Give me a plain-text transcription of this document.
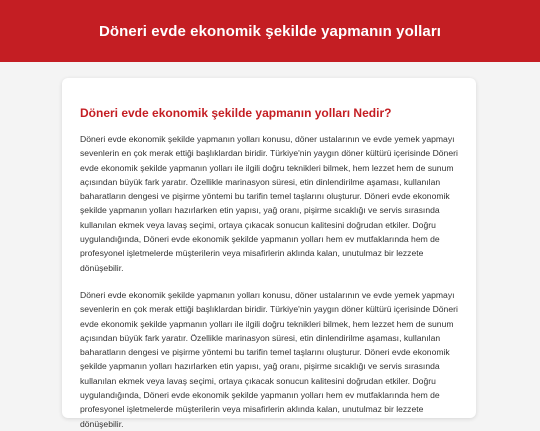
Döneri evde ekonomik şekilde yapmanın yolları
Döneri evde ekonomik şekilde yapmanın yolları Nedir?

Döneri evde ekonomik şekilde yapmanın yolları konusu, döner ustalarının ve evde yemek yapmayı sevenlerin en çok merak ettiği başlıklardan biridir. Türkiye'nin yaygın döner kültürü içerisinde Döneri evde ekonomik şekilde yapmanın yolları ile ilgili doğru teknikleri bilmek, hem lezzet hem de sunum açısından büyük fark yaratır. Özellikle marinasyon süresi, etin dinlendirilme aşaması, kullanılan baharatların dengesi ve pişirme yöntemi bu tarifin temel taşlarını oluşturur. Döneri evde ekonomik şekilde yapmanın yolları hazırlarken etin yapısı, yağ oranı, pişirme sıcaklığı ve servis sırasında kullanılan ekmek veya lavaş seçimi, ortaya çıkacak sonucun kalitesini doğrudan etkiler. Doğru uygulandığında, Döneri evde ekonomik şekilde yapmanın yolları hem ev mutfaklarında hem de profesyonel işletmelerde müşterilerin veya misafirlerin aklında kalan, unutulmaz bir lezzete dönüşebilir.

Döneri evde ekonomik şekilde yapmanın yolları konusu, döner ustalarının ve evde yemek yapmayı sevenlerin en çok merak ettiği başlıklardan biridir. Türkiye'nin yaygın döner kültürü içerisinde Döneri evde ekonomik şekilde yapmanın yolları ile ilgili doğru teknikleri bilmek, hem lezzet hem de sunum açısından büyük fark yaratır. Özellikle marinasyon süresi, etin dinlendirilme aşaması, kullanılan baharatların dengesi ve pişirme yöntemi bu tarifin temel taşlarını oluşturur. Döneri evde ekonomik şekilde yapmanın yolları hazırlarken etin yapısı, yağ oranı, pişirme sıcaklığı ve servis sırasında kullanılan ekmek veya lavaş seçimi, ortaya çıkacak sonucun kalitesini doğrudan etkiler. Doğru uygulandığında, Döneri evde ekonomik şekilde yapmanın yolları hem ev mutfaklarında hem de profesyonel işletmelerde müşterilerin veya misafirlerin aklında kalan, unutulmaz bir lezzete dönüşebilir.
